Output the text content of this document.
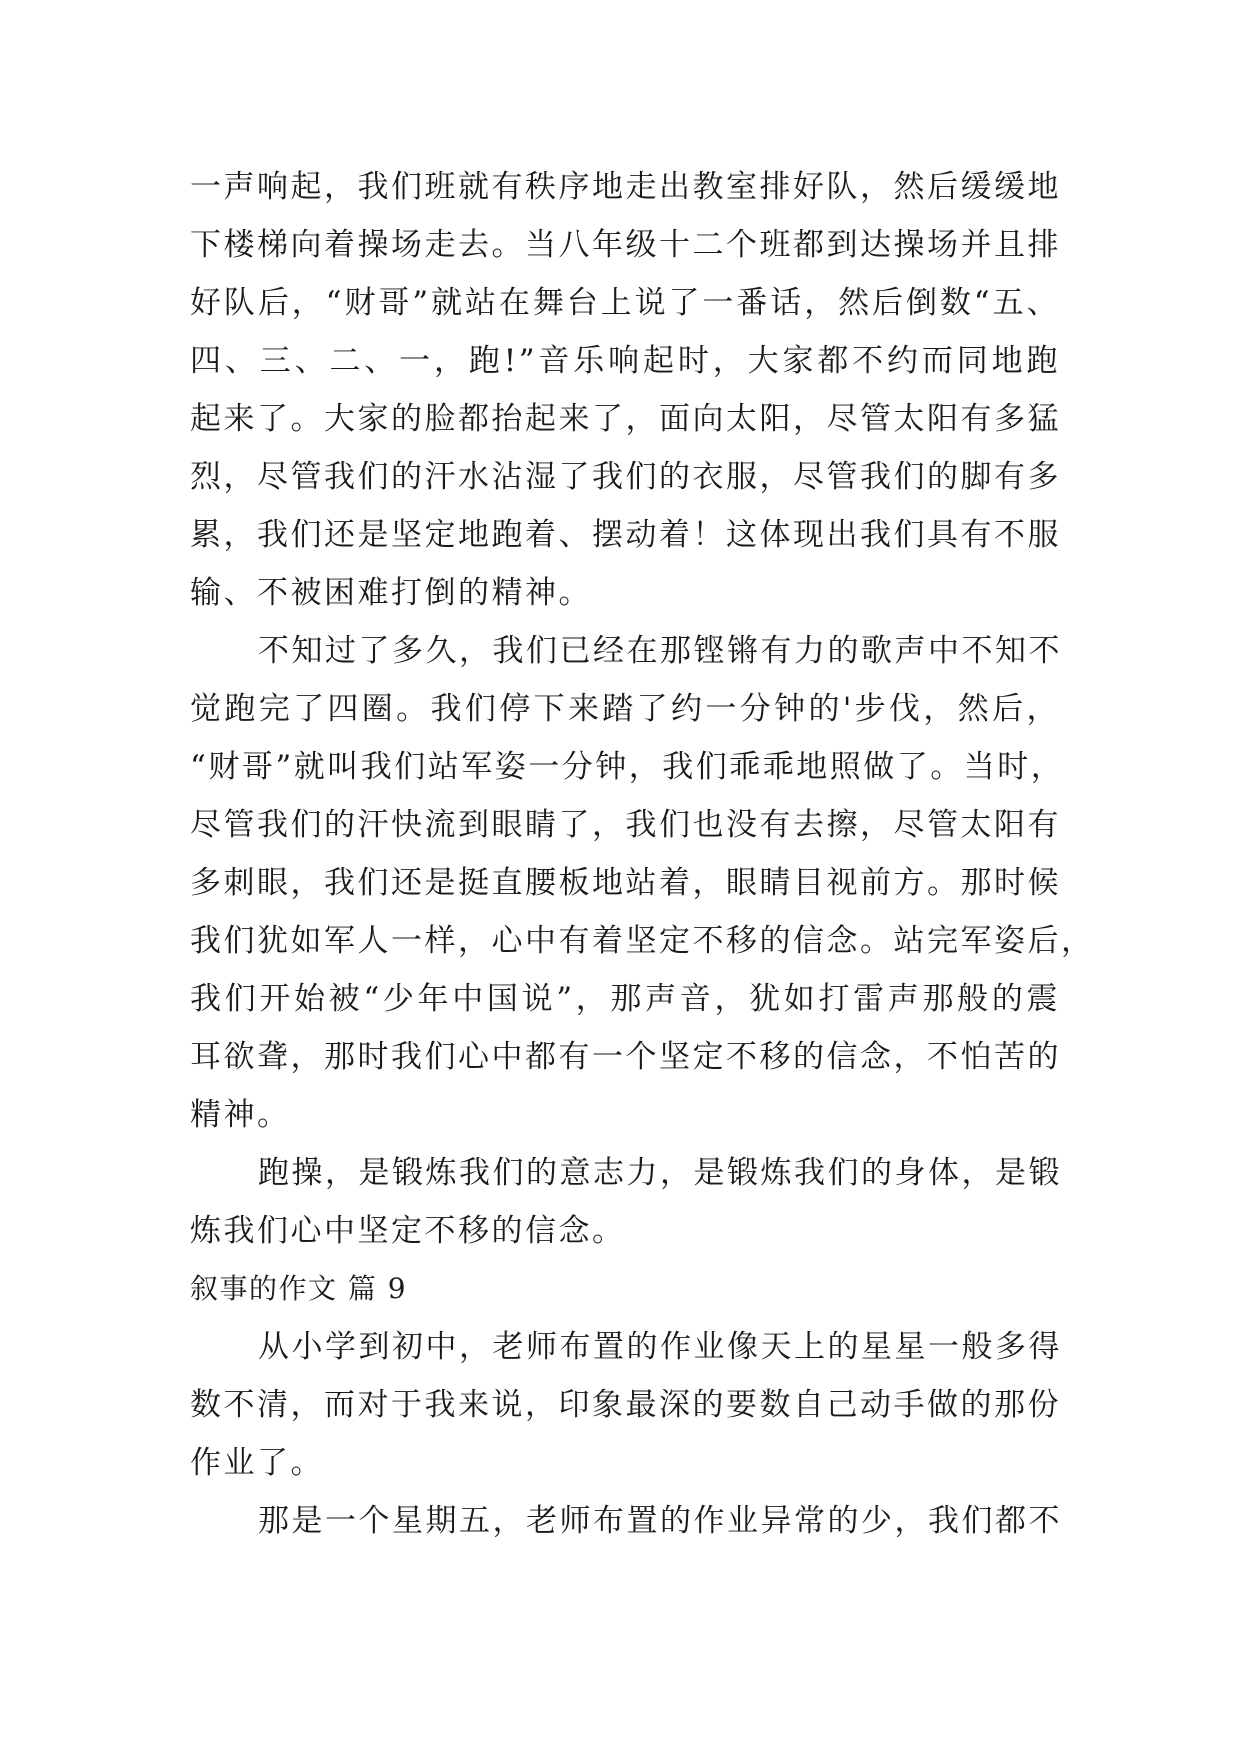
一声响起，我们班就有秩序地走出教室排好队，然后缓缓地
下楼梯向着操场走去。当八年级十二个班都到达操场并且排
好队后，“财哥”就站在舞台上说了一番话，然后倒数“五、
四、三、二、一，跑!”音乐响起时，大家都不约而同地跑
起来了。大家的脸都抬起来了，面向太阳，尽管太阳有多猛
烈，尽管我们的汗水沾湿了我们的衣服，尽管我们的脚有多
累，我们还是坚定地跑着、摆动着！这体现出我们具有不服
输、不被困难打倒的精神。
不知过了多久，我们已经在那铿锵有力的歌声中不知不
觉跑完了四圈。我们停下来踏了约一分钟的'步伐，然后，
“财哥”就叫我们站军姿一分钟，我们乖乖地照做了。当时，
尽管我们的汗快流到眼睛了，我们也没有去擦，尽管太阳有
多刺眼，我们还是挺直腰板地站着，眼睛目视前方。那时候
我们犹如军人一样，心中有着坚定不移的信念。站完军姿后，
我们开始被“少年中国说”，那声音，犹如打雷声那般的震
耳欲聋，那时我们心中都有一个坚定不移的信念，不怕苦的
精神。
跑操，是锻炼我们的意志力，是锻炼我们的身体，是锻
炼我们心中坚定不移的信念。
叙事的作文 篇 9
从小学到初中，老师布置的作业像天上的星星一般多得
数不清，而对于我来说，印象最深的要数自己动手做的那份
作业了。
那是一个星期五，老师布置的作业异常的少，我们都不
